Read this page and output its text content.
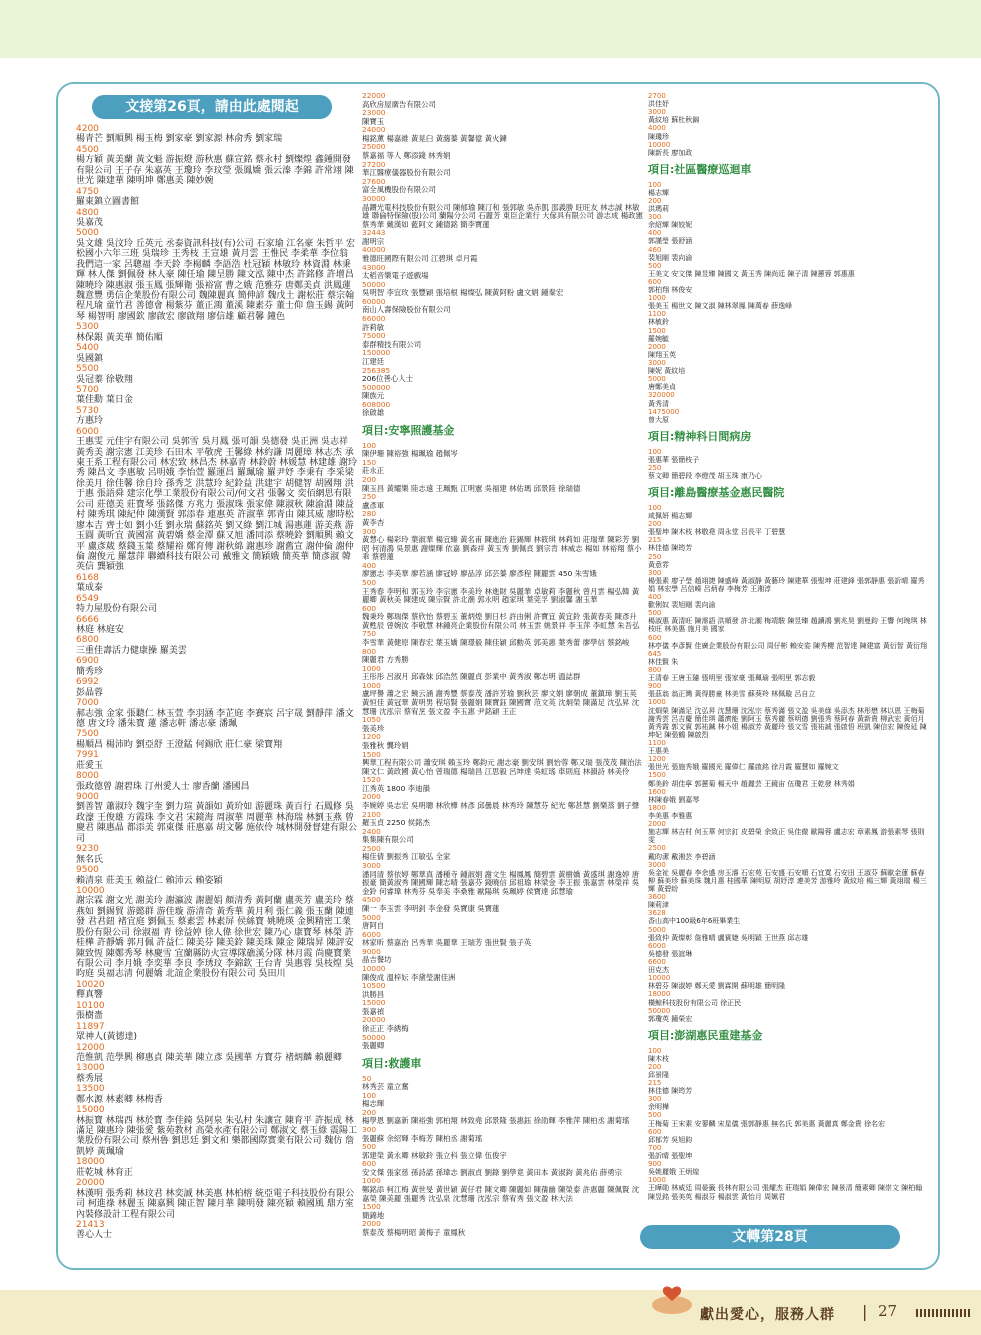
文接第26頁，請由此處閱起
4200
楊青芒 劉順興 楊玉梅 劉家豪 劉家源 林俞秀 劉家瑞
4500
楊方穎 黃美蘭 黃文魁 游振燈 游秋惠 蘇宣銘 蔡永村 劉燦煌 鑫鍾開發有限公司 王子存 朱嘉英 王瓊玲 李玟瑩 張鳳嬌 張云溱 李錦 許常翊 陳世光 陳建華 陳明坤 鄭惠美 陳妙婉
4750
羅東鎮立圖書館
4800
吳嘉茂
5000
吳文雄 吳汶玲 丘英元 丞泰資訊科技(有)公司 石家瑜 江名豪 朱哲平 宏松國小六年三班 吳瑞珍 王秀枝 王宣雄 黃月雲 王惟民 李柔華 李位翁 我們這一家 呂聰福 李天鈴 李楊麟 李語浩 杜冠穎 林敏玲 林資淵 林秉輝 林人傑 劉佩發 林人豪 陳任瑜 陳呈勝 陳文泓 陳中杰 許銘修 許增昌 陳曉玲 陳惠淑 張玉鳳 張輝衛 張裕富 曹之娥 范雅芬 唐鄭美貞 洪鳳蓮 魏意豐 勇信企業股份有限公司 魏陳麗真 簡伸諺 魏戊土 謝松莊 蔡宗翰 程凡瑜 童竹君 善德會 楊紫芬 董正鴻 董溪 陳素芬 董士仰 詹玉錫 黃阿琴 楊智明 廖國欽 廖啟宏 廖啟翔 廖信雄 顧君馨 鐘色
5300
林保銀 黃美華 簡佑順
5400
吳國鎮
5500
吳冠蓁 徐敬翔
5700
葉佳勳 葉日金
5730
方惠玲
6000
王惠雯 元佳宇有限公司 吳郭雪 吳月鳳 張可韻 吳德發 吳正洲 吳志祥 黃秀美 謝宗憲 江美珍 石田木 平敬虎 王馨綠 林約謙 周麗璋 林志杰 承東王系工程有限公司 林宏致 林昌杰 林嘉青 林鈴蔚 林媛慧 林建雄 謝玲秀 陳昌文 李惠敏 呂明娥 李怡萱 羅運昌 羅珮瑜 羅尹妤 李秉有 李采梁 徐美月 徐佳馨 徐自玲 孫秀芝 洪慧玲 紀鈴益 洪建宇 胡健智 胡國翔 洪于惠 張語舜 建宗化學工業股份有限公司/何文君 張馨文 奕佰網思有限公司 莊德美 莊寶琴 張銘傑 方兆力 張淑珠 張家偉 陳淑秋 陳渝淵 陳益村 陳秀琪 陳紀仲 陳漢賢 郭添春 連惠英 許淑華 郭青由 陳其威 廖時松 廖本吉 齊士如 劉小廷 劉永瑞 蘇銘英 劉又綠 劉江城 湯惠蓮 游美燕 游玉圓 黃昕宜 黃國富 黃碧嬌 蔡金潭 蘇又旭 潘同添 蔡曉鈴 劉順興 賴文平 盧彥葳 蔡錢玉葉 蔡耀裕 鄭育傳 謝秋綿 謝惠珍 謝舊宣 謝仲倫 謝仲倫 謝俊元 羅慧萍 聯續科技有限公司 戴雅文 簡穎娥 簡英華 簡彥淑 韓英信 龔穎強
6168
葉成泰
6549
特力屋股份有限公司
6666
林庭 林庭安
6800
三重佳壽活力健康操 羅美雲
6900
簡秀珍
6992
彭晶蓉
7000
郝志強 金家 張聽仁 林玉萱 李羽涵 李芷庭 李賽宸 呂宇晟 劉靜萍 潘文德 唐文玲 潘朱寶 蓮 潘志軒 潘志豪 潘珮
7500
楊順昌 楊沛昀 劉亞舒 王澄錳 何錫欣 莊仁豪 梁寶翔
7991
莊愛玉
8000
張政德曾 謝碧珠 汀州愛人士 廖香蘭 潘國昌
9000
劉善智 蕭淑玲 魏宇奎 劉力瑄 黃韻如 黃玠如 游麗珠 黃百行 石鳳修 吳政濠 王俊雄 方霞珠 李文君 宋鏡海 周淑華 周麗華 林海瑞 林劉玉燕 曾慶君 陳惠晶 都添美 郭東傑 莊惠嘉 胡文馨 施依伶 城林開發督建有限公司
9230
無名氏
9500
賴清泉 莊美玉 賴益仁 賴沛云 賴姿穎
10000
謝宗霖 謝文光 謝美玲 謝瀛波 謝麗娟 顏清秀 黃阿蘭 盧英芳 盧美玲 蔡燕如 劉錫貿 游懿群 游佳璇 游清奇 黃秀華 黃月利 張仁義 張玉蘭 陳連發 君君鈕 褚宜庭 劉佩玉 蔡素雲 林素屏 侯絲寶 姚曉瑛 金興精密工業股份有限公司 徐淑福 青 徐益婷 徐人偉 徐世宏 陳乃心 康寶琴 林榮 許桂樺 許靜嬌 郭月佩 許益仁 陳美芬 陳美鈴 陳美珠 陳金 陳瑞昇 陳評安 陳致恆 陳鄭秀琴 林慶雪 宜蘭縣防火宣導隊礁溪分隊 林月霞 尚慶寶業有限公司 李月娥 李奕華 李良 李琇玟 李錦欽 王台青 吳惠蓉 吳枝煌 吳昀庭 吳福志清 何麗嬌 北誼企業股份有限公司 吳田川
10020
釋真響
10100
張樹嗇
11897
眾神人(黃德達)
12000
范惟凱 范學興 柳惠貞 陳美華 陳立彥 吳國華 方寶芬 褚炳麟 賴麗卿
13000
蔡秀展
13500
鄭水源 林素卿 林梅香
15000
林振寶 林瑞西 林於寶 李佳錡 吳阿泉 朱弘村 朱讓宣 陳育平 許振成 林滿足 陳惠玲 陳張愛 紫苑教材 高榮水產有限公司 鄭淑文 蔡玉綠 震陽工業股份有限公司 蔡州魯 劉思廷 劉文和 樂都國際實業有限公司 魏仿 詹凱婷 黃珮瑜
18000
莊乾城 林育正
20000
林漢明 張秀莉 林玟君 林奕誠 林美惠 林柏榕 統亞電子科技股份有限公司 柯進祿 林麗玉 陳嘉興 陳正智 陳月華 陳明發 陳亮穎 賴國風 鼎方室內裝修設計工程有限公司
21413
善心人士
22000
高欣房屋廣告有限公司
23000
陳寶玉
24000
楊銘薰 楊嘉維 黃晃臼 黃藹蓁 黃馨億 黃火鍊
25000
蔡嘉福 等人 鄭添錢 林秀娟
27200
華江醫療儀器股份有限公司
27600
富全風機股份有限公司
30000
晶鑽光電科技股份有限公司 陳郁瑜 陳汀和 張郭敏 吳赤凱 邵義勝 旺旺友 林志誠 林敏雄 聯倫特保險(股)公司 蘭陽分公司 石麗芳 東臣企業行 大傢具有限公司 游志成 楊政憲 蔡秀華 戴漢如 藍阿文 鍾德銘 簡李寶蓮
32443
謝明宗
40000
雅德旺國際有限公司 江碧琪 卓月霞
43000
太稻音樂電子遊戲場
50000
吳明智 李宜玫 張豐穎 張培根 楊燦弘 陳黃阿粉 盧文娟 鍾秦宏
60000
南山人壽保險股份有限公司
66000
許莉敏
75000
泰群精技有限公司
150000
江建廷
256385
206位善心人士
500000
陳族元
608000
徐啟雄
項目:安寧照護基金
100
陳伊珊 陳裕強 楊珮瑜 趙佩岑
150
莊永正
200
陳玉昌 黃耀樂 陸志遠 王珮甄 江明憲 吳福建 林佑瑪 邱景陸 徐瑞德
250
盧彥軍
280
黃李杏
300
黃慧心 楊彩玲 葉淑華 楊宜臻 黃名甫 陳進治 莊錫輝 林筱琪 林莉如 莊瑞華 陳彩芳 劉昭 何清鴻 吳景惠 謝燦輝 依嘉 劉森祥 黃玉秀 劉佩貞 劉宗肯 林威志 楊如 林裕翔 蔡小乖 蔡碧蓮
400
廖憲志 李美華 廖若涵 廖冠婷 廖品淳 邱芸蓁 廖彥程 陳麗雲 450 朱雪娥
500
王秀春 李明和 郭玉玲 李宗憲 李美玲 林進財 吳麗華 卓敏莉 李麗秋 曾月雲 楊弘韓 黃麗卿 黃秋美 陳建成 陳宗賢 許北潮 郭永明 趙家琪 葉莞孚 劉淑馨 謝玉華
600
魏秉玲 鄭瑞傑 蔡欣怡 蔡碧玉 董炳煌 劉日杉 許由俐 許寶宜 黃宜鈴 張黃春美 陳彥升 黃甦辰 曾婉汝 李敬慧 林鍾亮企業股份有限公司 林玉雲 姚景祥 李玉萍 李虹慧 朱吾弘
750
李雪華 黃健原 陳春宏 葉玉嬌 陳璟毅 陳佳穎 邱勳英 郭美惠 葉秀蕾 廖學信 蔡銘峻
800
陳麗君 方秀勝
1000
王彤彤 呂淑月 邱森妹 邱浩然 陳麗貞 彭業中 黃秀淑 鄭志明 溫誌群
1000
盧坪譽 蕭之宏 饒云涵 謝秀豐 蔡泰茂 潘許芳瑜 劉秋芸 廖文娟 廖朝成 董鎮璋 劉玉英 黃恒佳 黃冠華 黃明男 程培賢 張麗娟 陳寶鈺 陳國寶 范文英 沈炯榮 陳滿足 沈弘昇 沈慧珊 沈泓宗 蔡宥烹 張文盈 李玉惠 尹銘穎 王正
1050
張美珍
1200
張雅秋 龔玲娟
1500
興華工程有限公司 蕭安琪 賴玉玲 鄭鈞元 謝志豪 劉安琪 劉怡蓉 鄭又瑞 張茂茂 陳治法 陳文仁 黃政國 黃心怡 曾瑞德 楊瑞昌 江思毅 呂坤達 吳虹瑤 車則庭 林韻詩 林美伶
1520
江秀英 1800 李迪韻
2000
李婉婷 吳志宏 吳明聰 林欣樺 林彥 邱曇晨 林秀玲 陳慧芬 紀光 鄭甚慧 劉樂蒸 劉子聲
2100
羅玉貞 2250 侯銘杰
2400
集集陳有限公司
2500
楊佳倩 劉振秀 江敏弘 全家
3000
潘同清 蔡依婷 鄭華真 潘種寺 鍾淑娟 謝文生 楊鳳鳳 簡碧雲 黃樹嬌 黃盛琪 謝逸婷 唐振豪 簡黃淑秀 陳國輝 陳志晴 張嘉芬 錢曉信 邱祖瑜 林梁金 李王振 張嘉雲 林榮祥 吳金鈴 何睿瑋 林秀芬 吳奉美 李桑雅 歐陽琪 吳珮婷 侯寶達 邱慧瑜
4500
陳一 李玉雲 李明釗 李金發 吳寶康 吳寶蓮
5000
唐阿自
6000
林家昕 蔡嘉治 呂秀華 吳麗華 王瑞芳 張世賢 張子英
9000
晶吉餐坊
10000
陳俊成 溫梓妘 李黛瑩謝佳洲
10500
洪勝昌
15000
張嘉禎
20000
徐正正 李綉梅
50000
張麗卿
項目:救護車
50
林秀芸 童立奮
100
楊志輝
200
楊學恩 劉嘉新 陳裕強 郭柏翔 林致堯 邱景隆 張惠鈺 徐劭輝 李雅萍 陳柏丞 謝菊瑤
300
張麗蘇 余紹輝 李梅芳 陳柏丞 謝菊瑤
500
郭建榮 黃永卿 林敏鈴 張立科 張立偉 伍俊宇
600
安文傑 張家慈 孫詩諾 孫瑋志 劉淑貞 劉錄 劉學竟 黃田本 黃淑鈞 黃兆佑 薛勇宗
1000
鄭銘添 柯江梅 黃世旻 黃世穎 黃仔君 陳文卿 陳麗如 陳蒨幽 陳榮泰 許惠麗 陳佩賢 沈嘉榮 陳美麗 張麗秀 沈弘泉 沈慧珊 沈泓宗 蔡宥秀 張文盈 林大法
1500
簡錦地
2000
蔡泰茂 蔡楊明昭 黃梅子 童鳳秋
2700
洪佳妤
3000
黃紋培 蘇杜秋錦
4000
陳璣珍
10000
陳新長 廖加政
項目:社區醫療巡迴車
100
楊志輝
200
洪瑪莉
300
余紹輝 陳姣妮
400
郭謹瑩 張舒涵
460
裴旭剛 裴向渝
500
王美文 安文傑 陳昱臻 陳國文 黃玉秀 陳尚廷 陳子清 陳蕙蓉 郭惠惠
600
郭柏翔 林俊安
1000
張美玉 楊世文 陳文淑 陳林翠鳳 陳萬春 薛逸峰
1100
林敏鈴
1500
羅婉毓
2000
陳翔玉英
3000
陳妮 黃紋培
5000
唐鄭美貞
320000
黃秀清
1475000
曾大原
項目:精神科日間病房
100
張惠華 張簡枝子
250
蔡文卿 簡碧段 李燈茂 胡玉珠 康乃心
項目:離島醫療基金惠民醫院
100
咸佩妍 楊志輝
200
張聖坤 陳木枝 林敬堯 周永堂 呂長平 丁碧慧
215
林佳德 陳筠芳
250
黃意雰
300
楊張素 廖子瑩 趙翊捷 陳盛峰 黃淑靜 黃藝玲 陳建華 張聖坤 莊建鋒 張郭靜惠 張訢晴 羅秀娟 林宏學 呂信嶸 呂炳春 李梅芳 王湘淳
400
歡俐奴 裴旭剛 裴向渝
500
楊淑惠 黃清旺 陳霈語 洪順發 許北潮 梅靖駿 陳昱臻 趙讀鴻 劉兆昊 劉曼鈞 王響 何琬琪 林枝旺 林美惠 施月美 國家
600
林亭儀 李彥賢 佳廣企業股份有限公司 周仔彬 賴安姿 陳秀櫻 范智達 陳建富 黃衍智 黃衍翔
645
林佳賢 朱
800
王清春 王唐玉隨 張明里 張家豪 張珮瑜 張明里 郭志毅
900
張茲翁 翁正灣 黃得勝童 林美雪 蘇葵羚 林佩璇 呂自立
1000
沈烱榮 陳滿足 沈弘昇 沈慧珊 沈泓宗 蔡秀滿 張文盈 吳美綠 吳添杰 林彤懋 林以恩 王梅菊 謝秀雲 呂吉慶 簡佳琪 蕭濟能 劉阿玉 蔡秀麗 蔡明德 劉張秀 蔡阿春 黃新貴 柳武宏 黃佰月 黃秀霞 郭文賓 郭祐鍼 林小姐 楊淑芳 黃麗玲 張文雪 張祐誠 張啟悟 班凱 陳信宏 陳俊延 陳坤妃 陳張鶴 陳啟烈
1100
王惠美
1200
張世光 張施秀娥 羅國光 羅偉仁 羅啟銘 徐月霞 羅慧如 羅婉文
1500
鄭美鈴 胡佳寧 郭蕙菊 楊天中 趙麗芸 王鏡宙 伍瓊君 王乾發 林秀娟
1600
林陳春娥 劉嘉琴
1800
李美惠 李雅惠
2000
施志輝 林吉村 何玉華 何宗釘 皮碧榮 余致正 吳佳徹 歐陽蓉 盧志宏 章素鳳 游張素琴 張則雯
2500
戴昀潔 戴湘芸 李碧涵
3000
吳金祉 吳麗春 李余盛 房玉濬 石宏苑 石安盛 石安順 石宜寬 石安田 王淑芬 蘇歐金蓮 蘇春柳 蘇美珍 蘇美珠 魏月惠 桂國華 陳明原 胡妤淳 連美芳 游雅呤 黃紋培 楊三輝 黃翊瑞 楊三輝 黃碧紛
3600
陳莉津
3628
香山高中100級6年6班畢業生
5000
張致仲 黃燦彰 詹雅晴 盧賓婕 吳明穎 王世燕 邱志雄
6000
吳德發 張誼琳
6600
田克杰
10000
林碧芬 陳淑婷 鄭天愛 劉霖開 蘇明雄 簡明隆
18000
橫鯨科技股份有限公司 徐正民
50000
郭瓊英 鐘榮宏
項目:澎湖惠民重建基金
100
陳木枝
200
邱景隆
215
林佳德 陳筠芳
300
余明樺
500
王梅菊 王宋素 安蓼麟 宋星儀 張郭靜惠 無名氏 郭美惠 黃麗真 鄭金貴 徐名宏
600
邱郁芳 吳旭鈞
700
張訢晴 張聖坤
900
吳姚麗娥 王炳煌
1000
王曄勛 林威廷 周晏籤 長林有限公司 張耀杰 莊瑞娟 陳偉宏 陳景清 簡素卿 陳崇文 陳柏翰 陳昱銘 張美英 楊淑芬 楊淑雲 黃怡月 周姵君
文轉第28頁
獻出愛心，服務人群 | 27
